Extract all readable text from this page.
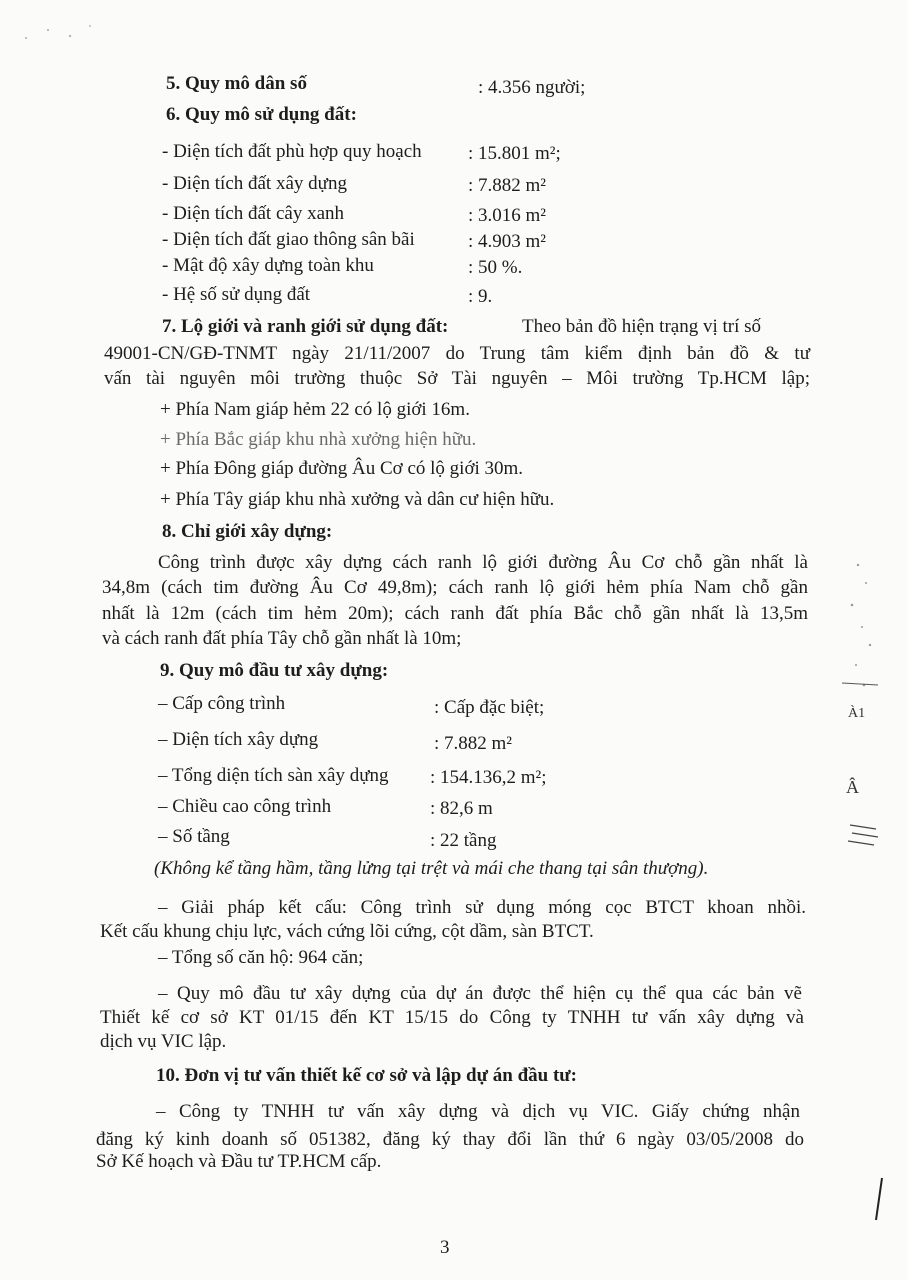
5. Quy mô dân số	: 4.356 người;
6. Quy mô sử dụng đất:
- Diện tích đất phù hợp quy hoạch : 15.801 m²;
- Diện tích đất xây dựng	: 7.882 m²
- Diện tích đất cây xanh	: 3.016 m²
- Diện tích đất giao thông sân bãi	: 4.903 m²
- Mật độ xây dựng toàn khu	: 50 %.
- Hệ số sử dụng đất	: 9.
7. Lộ giới và ranh giới sử dụng đất:	Theo bản đồ hiện trạng vị trí số
49001-CN/GĐ-TNMT ngày 21/11/2007 do Trung tâm kiểm định bản đồ & tư
vấn tài nguyên môi trường thuộc Sở Tài nguyên – Môi trường Tp.HCM lập;
+ Phía Nam giáp hẻm 22 có lộ giới 16m.
+ Phía Bắc giáp khu nhà xưởng hiện hữu.
+ Phía Đông giáp đường Âu Cơ có lộ giới 30m.
+ Phía Tây giáp khu nhà xưởng và dân cư hiện hữu.
8. Chỉ giới xây dựng:
Công trình được xây dựng cách ranh lộ giới đường Âu Cơ chỗ gần nhất là
34,8m (cách tim đường Âu Cơ 49,8m); cách ranh lộ giới hẻm phía Nam chỗ gần
nhất là 12m (cách tim hẻm 20m); cách ranh đất phía Bắc chỗ gần nhất là 13,5m
và cách ranh đất phía Tây chỗ gần nhất là 10m;
9. Quy mô đầu tư xây dựng:
– Cấp công trình	: Cấp đặc biệt;
– Diện tích xây dựng	: 7.882 m²
– Tổng diện tích sàn xây dựng : 154.136,2 m²;
– Chiều cao công trình	: 82,6 m
– Số tầng	: 22 tầng
(Không kể tầng hầm, tầng lửng tại trệt và mái che thang tại sân thượng).
– Giải pháp kết cấu: Công trình sử dụng móng cọc BTCT khoan nhồi.
Kết cấu khung chịu lực, vách cứng lõi cứng, cột dầm, sàn BTCT.
– Tổng số căn hộ: 964 căn;
– Quy mô đầu tư xây dựng của dự án được thể hiện cụ thể qua các bản vẽ
Thiết kế cơ sở KT 01/15 đến KT 15/15 do Công ty TNHH tư vấn xây dựng và
dịch vụ VIC lập.
10. Đơn vị tư vấn thiết kế cơ sở và lập dự án đầu tư:
– Công ty TNHH tư vấn xây dựng và dịch vụ VIC. Giấy chứng nhận
đăng ký kinh doanh số 051382, đăng ký thay đổi lần thứ 6 ngày 03/05/2008 do
Sở Kế hoạch và Đầu tư TP.HCM cấp.
3
Â
À1
